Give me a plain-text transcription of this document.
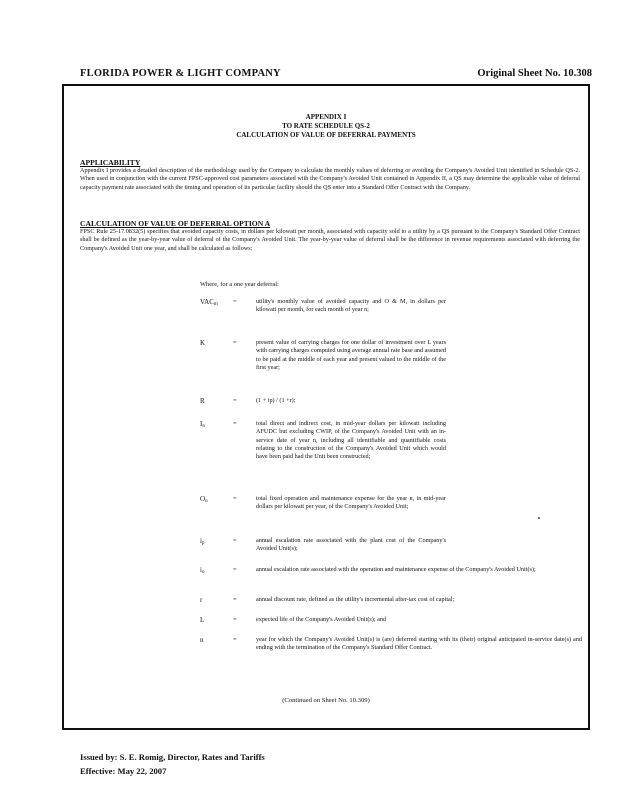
FLORIDA POWER & LIGHT COMPANY	Original Sheet No. 10.308
APPENDIX I
TO RATE SCHEDULE QS-2
CALCULATION OF VALUE OF DEFERRAL PAYMENTS
APPLICABILITY

Appendix I provides a detailed description of the methodology used by the Company to calculate the monthly values of deferring or avoiding the Company's Avoided Unit identified in Schedule QS-2. When used in conjunction with the current FPSC-approved cost parameters associated with the Company's Avoided Unit contained in Appendix II, a QS may determine the applicable value of deferral capacity payment rate associated with the timing and operation of its particular facility should the QS enter into a Standard Offer Contract with the Company.

CALCULATION OF VALUE OF DEFERRAL OPTION A

FPSC Rule 25-17.0832(5) specifies that avoided capacity costs, in dollars per kilowatt per month, associated with capacity sold to a utility by a QS pursuant to the Company's Standard Offer Contract shall be defined as the year-by-year value of deferral of the Company's Avoided Unit. The year-by-year value of deferral shall be the difference in revenue requirements associated with deferring the Company's Avoided Unit one year, and shall be calculated as follows:

Where, for a one year deferral:
$VAC_m$ =	utility's monthly value of avoided capacity and O & M, in dollars per kilowatt per month, for each month of year n;

K	=	present value of carrying charges for one dollar of investment over L years with carrying charges computed using average annual rate base and assumed to be paid at the middle of each year and present valued to the middle of the first year;

R	=	(1 + ip) / (1 +r);

$I_n$	=	total direct and indirect cost, in mid-year dollars per kilowatt including AFUDC but excluding CWIP, of the Company's Avoided Unit with an in-service date of year n, including all identifiable and quantifiable costs relating to the construction of the Company's Avoided Unit which would have been paid had the Unit been constructed;

$O_n$	=	total fixed operation and maintenance expense for the year n, in mid-year dollars per kilowatt per year, of the Company's Avoided Unit;

$i_p$	=	annual escalation rate associated with the plant cost of the Company's Avoided Unit(s);

$i_o$	=	annual escalation rate associated with the operation and maintenance expense of the Company's Avoided Unit(s);

r	=	annual discount rate, defined as the utility's incremental after-tax cost of capital;

L	=	expected life of the Company's Avoided Unit(s); and

n	=	year for which the Company's Avoided Unit(s) is (are) deferred starting with its (their) original anticipated in-service date(s) and ending with the termination of the Company's Standard Offer Contract.

(Continued on Sheet No. 10.309)
Issued by: S. E. Romig, Director, Rates and Tariffs
Effective: May 22, 2007
